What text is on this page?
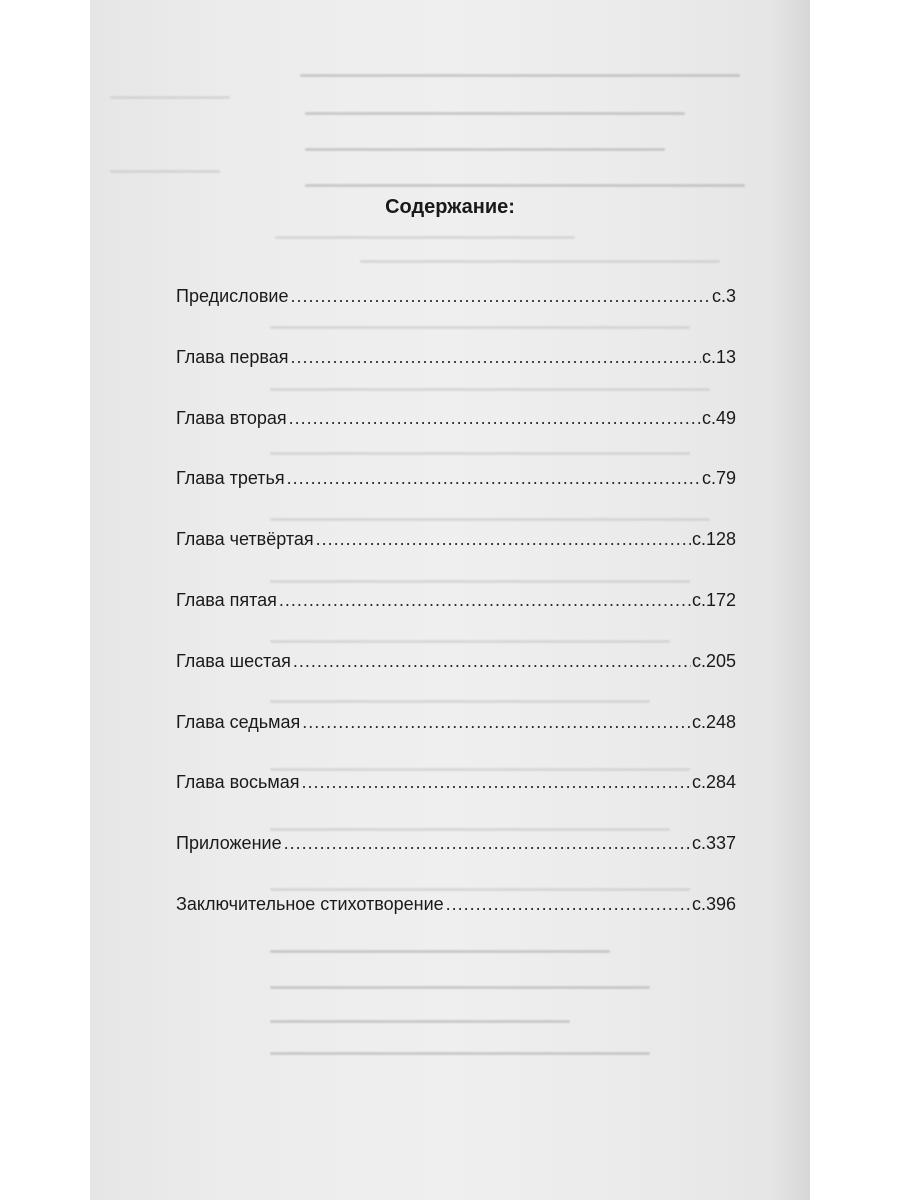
Содержание:
Предисловие .....	с.3
Глава первая .....	с.13
Глава вторая .....	с.49
Глава третья .....	с.79
Глава четвёртая .....	с.128
Глава пятая .....	с.172
Глава шестая .....	с.205
Глава седьмая .....	с.248
Глава восьмая .....	с.284
Приложение .....	с.337
Заключительное стихотворение .....	с.396
